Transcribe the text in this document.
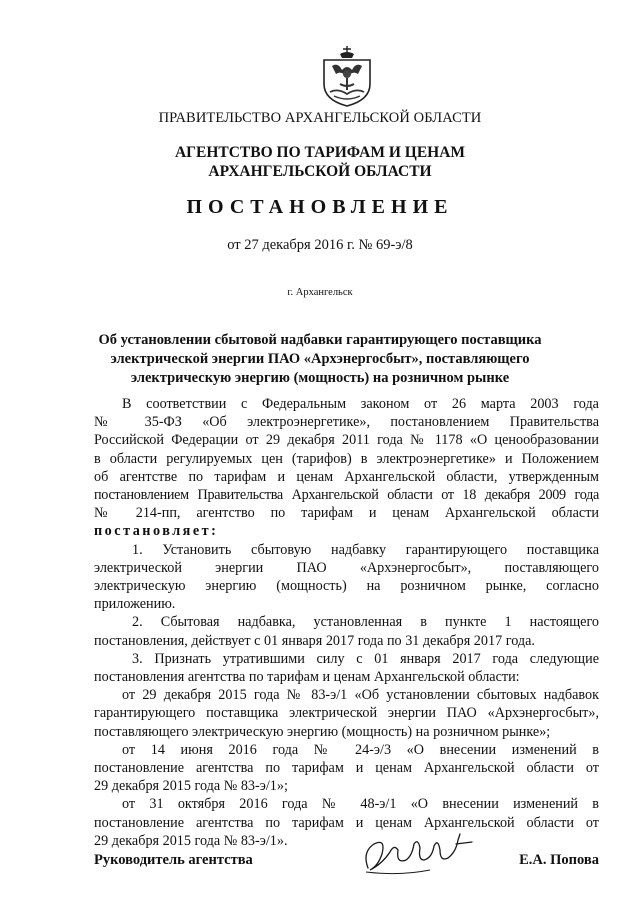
ПРАВИТЕЛЬСТВО АРХАНГЕЛЬСКОЙ ОБЛАСТИ
АГЕНТСТВО ПО ТАРИФАМ И ЦЕНАМ
АРХАНГЕЛЬСКОЙ ОБЛАСТИ
ПОСТАНОВЛЕНИЕ
от 27 декабря 2016 г. № 69-э/8
г. Архангельск
Об установлении сбытовой надбавки гарантирующего поставщика
электрической энергии ПАО «Архэнергосбыт», поставляющего
электрическую энергию (мощность) на розничном рынке
В соответствии с Федеральным законом от 26 марта 2003 года
№ 35-ФЗ «Об электроэнергетике», постановлением Правительства
Российской Федерации от 29 декабря 2011 года № 1178 «О ценообразовании
в области регулируемых цен (тарифов) в электроэнергетике» и Положением
об агентстве по тарифам и ценам Архангельской области, утвержденным
постановлением Правительства Архангельской области от 18 декабря 2009 года
№ 214-пп, агентство по тарифам и ценам Архангельской области
постановляет:
1. Установить сбытовую надбавку гарантирующего поставщика
электрической энергии ПАО «Архэнергосбыт», поставляющего
электрическую энергию (мощность) на розничном рынке, согласно
приложению.
2. Сбытовая надбавка, установленная в пункте 1 настоящего
постановления, действует с 01 января 2017 года по 31 декабря 2017 года.
3. Признать утратившими силу с 01 января 2017 года следующие
постановления агентства по тарифам и ценам Архангельской области:
от 29 декабря 2015 года № 83-э/1 «Об установлении сбытовых надбавок
гарантирующего поставщика электрической энергии ПАО «Архэнергосбыт»,
поставляющего электрическую энергию (мощность) на розничном рынке»;
от 14 июня 2016 года № 24-э/3 «О внесении изменений в
постановление агентства по тарифам и ценам Архангельской области от
29 декабря 2015 года № 83-э/1»;
от 31 октября 2016 года № 48-э/1 «О внесении изменений в
постановление агентства по тарифам и ценам Архангельской области от
29 декабря 2015 года № 83-э/1».
Руководитель агентства	Е.А. Попова
